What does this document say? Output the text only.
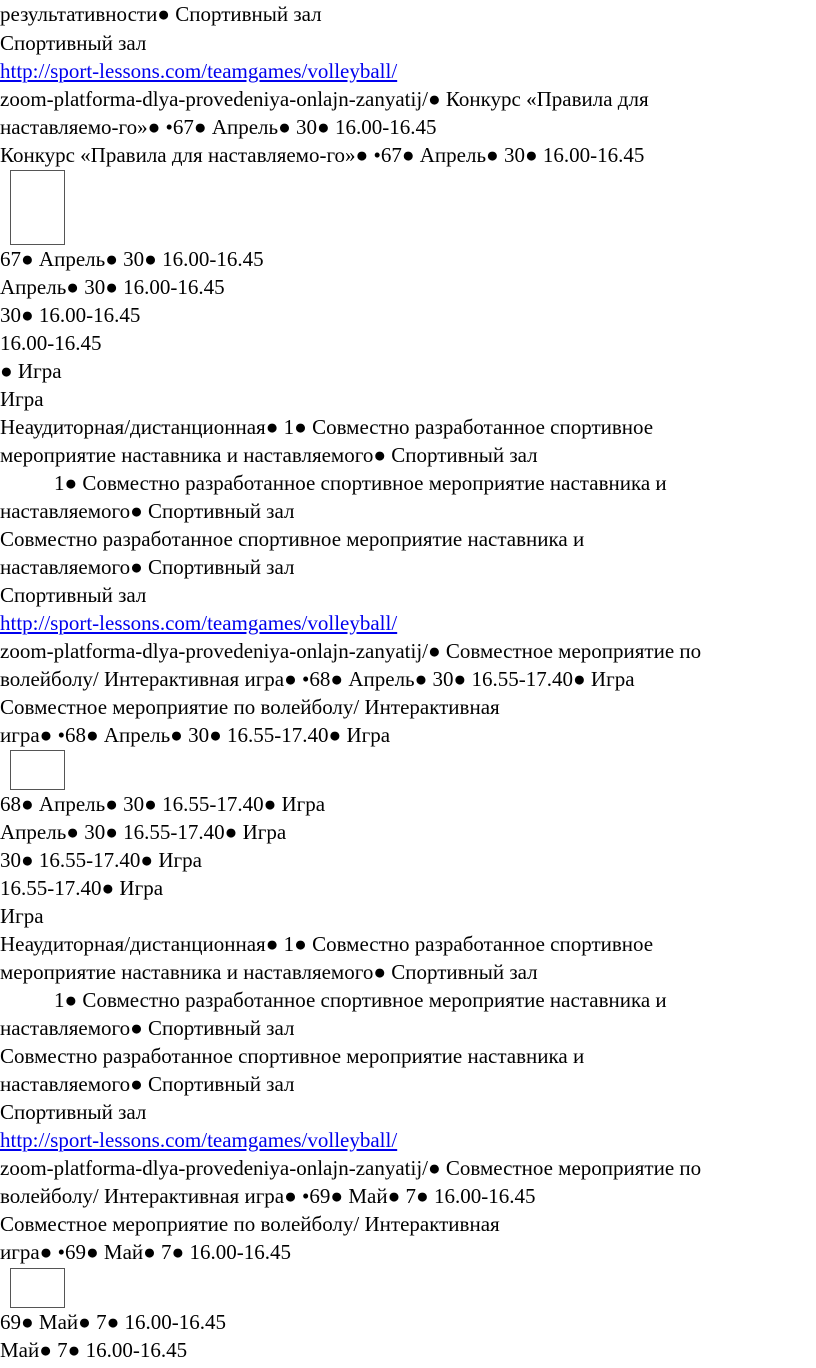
результативности● Спортивный зал
Спортивный зал
http://sport-lessons.com/teamgames/volleyball/
zoom-platforma-dlya-provedeniya-onlajn-zanyatij/● Конкурс «Правила для
наставляемо-го»● •67● Апрель● 30● 16.00-16.45
Конкурс «Правила для наставляемо-го»● •67● Апрель● 30● 16.00-16.45
67● Апрель● 30● 16.00-16.45
Апрель● 30● 16.00-16.45
30● 16.00-16.45
16.00-16.45
● Игра
Игра
Неаудиторная/дистанционная● 1● Совместно разработанное спортивное
мероприятие наставника и наставляемого● Спортивный зал
1● Совместно разработанное спортивное мероприятие наставника и
наставляемого● Спортивный зал
Совместно разработанное спортивное мероприятие наставника и
наставляемого● Спортивный зал
Спортивный зал
http://sport-lessons.com/teamgames/volleyball/
zoom-platforma-dlya-provedeniya-onlajn-zanyatij/● Совместное мероприятие по
волейболу/ Интерактивная игра● •68● Апрель● 30● 16.55-17.40● Игра
Совместное мероприятие по волейболу/ Интерактивная
игра● •68● Апрель● 30● 16.55-17.40● Игра
68● Апрель● 30● 16.55-17.40● Игра
Апрель● 30● 16.55-17.40● Игра
30● 16.55-17.40● Игра
16.55-17.40● Игра
Игра
Неаудиторная/дистанционная● 1● Совместно разработанное спортивное
мероприятие наставника и наставляемого● Спортивный зал
1● Совместно разработанное спортивное мероприятие наставника и
наставляемого● Спортивный зал
Совместно разработанное спортивное мероприятие наставника и
наставляемого● Спортивный зал
Спортивный зал
http://sport-lessons.com/teamgames/volleyball/
zoom-platforma-dlya-provedeniya-onlajn-zanyatij/● Совместное мероприятие по
волейболу/ Интерактивная игра● •69● Май● 7● 16.00-16.45
Совместное мероприятие по волейболу/ Интерактивная
игра● •69● Май● 7● 16.00-16.45
69● Май● 7● 16.00-16.45
Май● 7● 16.00-16.45
